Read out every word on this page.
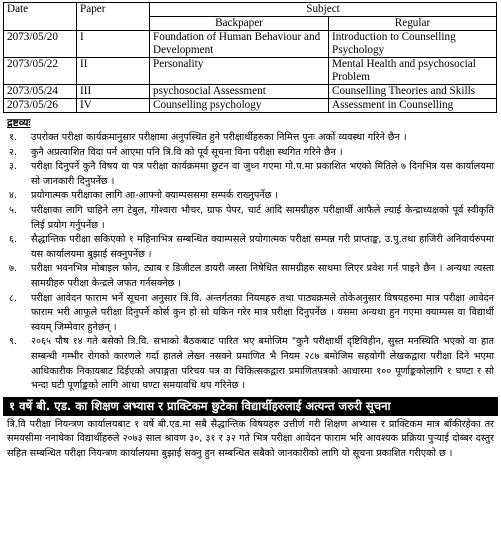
Date	Paper	Subject	
		Backpaper	Regular
2073/05/20	I	Foundation of Human Behaviour and Development	Introduction to Counselling Psychology
2073/05/22	II	Personality	Mental Health and psychosocial Problem
2073/05/24	III	psychosocial Assessment	Counselling Theories and Skills
2073/05/26	IV	Counselling psychology	Assessment in Counselling
द्रष्टव्यः
१.	उपरोक्त परीक्षा कार्यक्रमानुसार परीक्षामा अनुपस्थित हुने परीक्षार्थीहरुका निमित्त पुनः अर्को व्यवस्था गरिने छैन ।
२.	कुनै अप्रत्याशित विदा पर्न आएमा पनि त्रि.वि को पूर्व सूचना विना परीक्षा स्थगित गरिने छैन ।
३.	परीक्षा दिनुपर्ने कुनै विषय वा पत्र परीक्षा कार्यक्रममा छुटन वा जुध्न गएमा गो.प.मा प्रकाशित भएको मितिले ७ दिनभित्र यस कार्यालयमा सो जानकारी दिनुपर्नेछ ।
४.	प्रयोगात्मक परीक्षाका लागि आ-आफ्नो क्याम्पससमा सम्पर्क राख्नुपर्नेछ ।
५.	परीक्षाका लागि चाहिने लग टेबुल, गोश्वारा भौचर, ग्राफ पेपर, चार्ट आदि सामग्रीहरु परीक्षार्थी आफैले ल्याई केन्द्राध्यक्षको पूर्व स्वीकृति लिई प्रयोग गर्नुपर्नेछ ।
६.	सैद्धान्तिक परीक्षा सकिएको १ महिनाभित्र सम्बन्धित क्याम्पसले प्रयोगात्मक परीक्षा सम्पन्न गरी प्राप्ताङ्क, उ.पु.तथा हाजिरी अनिवार्यरुपमा यस कार्यालयमा बुझाई सक्नुपर्नेछ ।
७.	परीक्षा भवनभित्र मोबाइल फोन, ट्याब र डिजीटल डायरी जस्ता निषेधित सामग्रीहरु साथमा लिएर प्रवेश गर्न पाइने छैन । अन्यथा त्यस्ता सामग्रीहरु परीक्षा केन्द्रले जफत गर्नसक्नेछ ।
८.	परीक्षा आवेदन फाराम भर्ने सूचना अनुसार त्रि.वि. अन्तर्गतका नियमहरु तथा पाठ्यक्रमले तोकेअनुसार विषयहरुमा मात्र परीक्षा आवेदन फाराम भरी आफूले परीक्षा दिनुपर्ने कोर्स कुन हो सो यकिन गरेर मात्र परीक्षा दिनुपर्नेछ । यसमा अन्यथा हुन गएमा क्याम्पस वा विद्यार्थी स्वयम् जिम्मेवार हुनेछन् ।
९.	२०६५ पौष १४ गते बसेको त्रि.वि. सभाको बैठकबाट पारित भए बमोजिम "कुनै परीक्षार्थी दृष्टिविहीन, सुस्त मनस्थिति भएको वा हात सम्बन्धी गम्भीर रोगको कारणले गर्दा हातले लेख्न नसक्ने प्रमाणित भै नियम २८७ बमोजिम सहयोगी लेखकद्वारा परीक्षा दिने भएमा आधिकारीक निकायबाट दिईएको अपाङ्गता परिचय पत्र वा चिकित्सकद्वारा प्रमाणितपत्रको आधारमा १०० पूर्णाङ्ककोलागि १ घण्टा र सो भन्दा घटी पूर्णाङ्कको लागि आधा घण्टा समयावधि थप गरिनेछ ।
१ वर्षे बी. एड. का शिक्षण अभ्यास र प्राक्टिकम छुटेका विद्यार्थीहरुलाई अत्यन्त जरुरी सूचना
त्रि.वि परीक्षा नियन्त्रण कार्यालयबाट १ वर्षे बी.एड.मा सबै सैद्धान्तिक विषयहरु उत्तीर्ण गरी शिक्षण अभ्यास र प्राक्टिकम मात्र बाँकीरहेका तर समयसीमा ननाघेका विद्यार्थीहरुले २०७३ साल श्रावण ३०, ३१ र ३२ गते भित्र परीक्षा आवेदन फाराम भरि आवश्यक प्रक्रिया पुऱ्याई दोब्बर दस्तुर सहित सम्बन्धित परीक्षा नियन्त्रण कार्यालयमा बुझाई सक्नु हुन सम्बन्धित सबैको जानकारीको लागि यो सूचना प्रकाशित गरीएको छ ।
